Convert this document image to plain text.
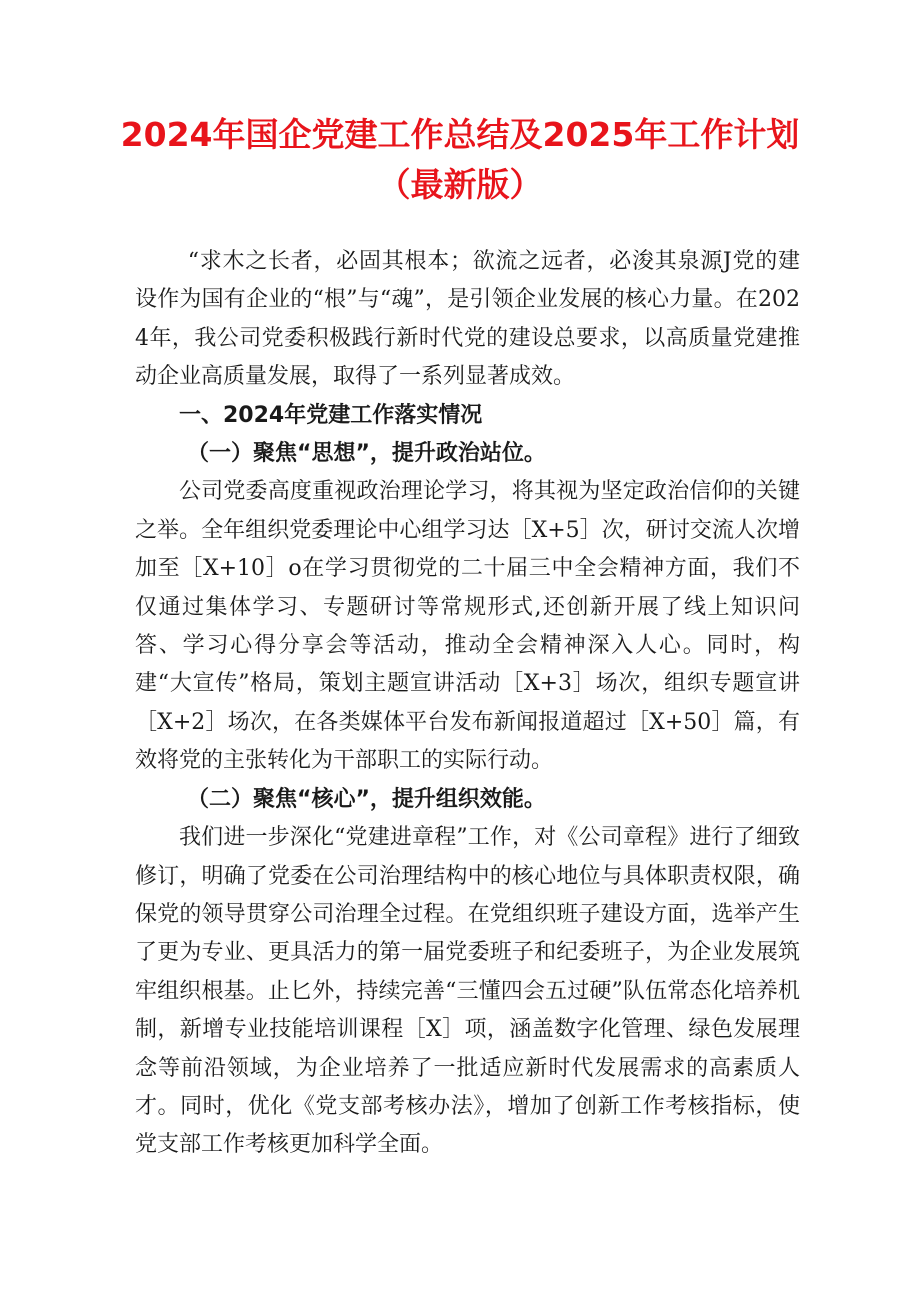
2024年国企党建工作总结及2025年工作计划（最新版）

“求木之长者，必固其根本；欲流之远者，必浚其泉源J党的建设作为国有企业的“根”与“魂”，是引领企业发展的核心力量。在2024年，我公司党委积极践行新时代党的建设总要求，以高质量党建推动企业高质量发展，取得了一系列显著成效。

一、2024年党建工作落实情况

（一）聚焦“思想”，提升政治站位。

公司党委高度重视政治理论学习，将其视为坚定政治信仰的关键之举。全年组织党委理论中心组学习达［X+5］次，研讨交流人次增加至［X+10］o在学习贯彻党的二十届三中全会精神方面，我们不仅通过集体学习、专题研讨等常规形式,还创新开展了线上知识问答、学习心得分享会等活动，推动全会精神深入人心。同时，构建“大宣传”格局，策划主题宣讲活动［X+3］场次，组织专题宣讲［X+2］场次，在各类媒体平台发布新闻报道超过［X+50］篇，有效将党的主张转化为干部职工的实际行动。

（二）聚焦“核心”，提升组织效能。

我们进一步深化“党建进章程”工作，对《公司章程》进行了细致修订，明确了党委在公司治理结构中的核心地位与具体职责权限，确保党的领导贯穿公司治理全过程。在党组织班子建设方面，选举产生了更为专业、更具活力的第一届党委班子和纪委班子，为企业发展筑牢组织根基。止匕外，持续完善“三懂四会五过硬”队伍常态化培养机制，新增专业技能培训课程［X］项，涵盖数字化管理、绿色发展理念等前沿领域，为企业培养了一批适应新时代发展需求的高素质人才。同时，优化《党支部考核办法》，增加了创新工作考核指标，使党支部工作考核更加科学全面。
